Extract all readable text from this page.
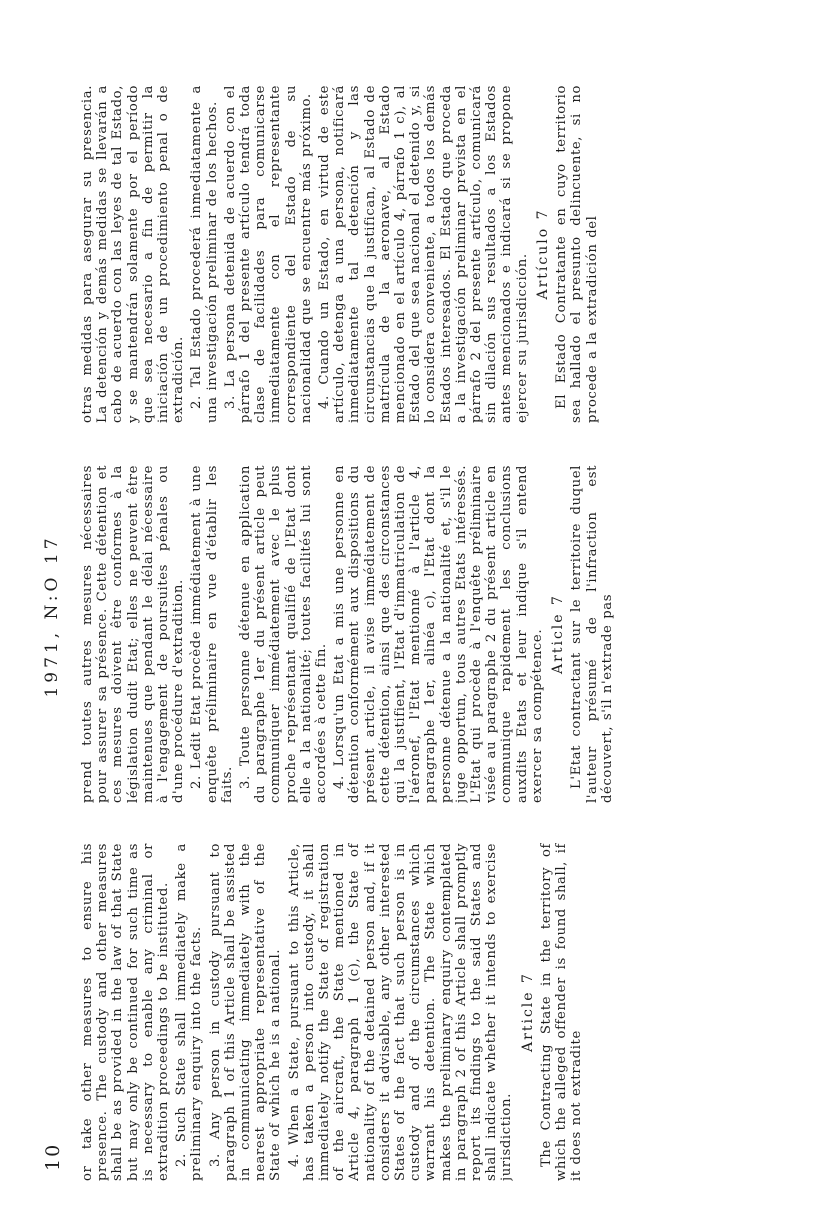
10
1971, N:O 17

or take other measures to ensure his presence. The custody and other measures shall be as provided in the law of that State but may only be continued for such time as is necessary to enable any criminal or extradition proceedings to be instituted. 2. Such State shall immediately make a preliminary enquiry into the facts. 3. Any person in custody pursuant to paragraph 1 of this Article shall be assisted in communicating immediately with the nearest appropriate representative of the State of which he is a national. 4. When a State, pursuant to this Article, has taken a person into custody, it shall immediately notify the State of registration of the aircraft, the State mentioned in Article 4, paragraph 1 (c), the State of nationality of the detained person and, if it considers it advisable, any other interested States of the fact that such person is in custody and of the circumstances which warrant his detention. The State which makes the preliminary enquiry contemplated in paragraph 2 of this Article shall promptly report its findings to the said States and shall indicate whether it intends to exercise jurisdiction.

Article 7 The Contracting State in the territory of which the alleged offender is found shall, if it does not extradite

prend toutes autres mesures nécessaires pour assurer sa présence. Cette détention et ces mesures doivent être conformes à la législation dudit Etat; elles ne peuvent être maintenues que pendant le délai nécessaire à l'engagement de poursuites pénales ou d'une procédure d'extradition. 2. Ledit Etat procède immédiatement à une enquête préliminaire en vue d'établir les faits. 3. Toute personne détenue en application du paragraphe 1er du présent article peut communiquer immédiatement avec le plus proche représentant qualifié de l'Etat dont elle a la nationalité; toutes facilités lui sont accordées à cette fin. 4. Lorsqu'un Etat a mis une personne en détention conformément aux dispositions du présent article, il avise immédiatement de cette détention, ainsi que des circonstances qui la justifient, l'Etat d'immatriculation de l'aéronef, l'Etat mentionné à l'article 4, paragraphe 1er, alinéa c), l'Etat dont la personne détenue a la nationalité et, s'il le juge opportun, tous autres Etats intéressés. L'Etat qui procède à l'enquête préliminaire visée au paragraphe 2 du présent article en communique rapidement les conclusions auxdits Etats et leur indique s'il entend exercer sa compétence. Article 7 L'Etat contractant sur le territoire duquel l'auteur présumé de l'infraction est découvert, s'il n'extrade pas

otras medidas para asegurar su presencia. La detención y demás medidas se llevarán a cabo de acuerdo con las leyes de tal Estado, y se mantendrán solamente por el período que sea necesario a fin de permitir la iniciación de un procedimiento penal o de extradición. 2. Tal Estado procederá inmediatamente a una investigación preliminar de los hechos. 3. La persona detenida de acuerdo con el párrafo 1 del presente artículo tendrá toda clase de facilidades para comunicarse inmediatamente con el representante correspondiente del Estado de su nacionalidad que se encuentre más próximo. 4. Cuando un Estado, en virtud de este artículo, detenga a una persona, notificará inmediatamente tal detención y las circunstancias que la justifican, al Estado de matrícula de la aeronave, al Estado mencionado en el artículo 4, párrafo 1 c), al Estado del que sea nacional el detenido y, si lo considera conveniente, a todos los demás Estados interesados. El Estado que proceda a la investigación preliminar prevista en el párrafo 2 del presente artículo, comunicará sin dilación sus resultados a los Estados antes mencionados e indicará si se propone ejercer su jurisdicción. Artículo 7 El Estado Contratante en cuyo territorio sea hallado el presunto delincuente, si no procede a la extradición del
